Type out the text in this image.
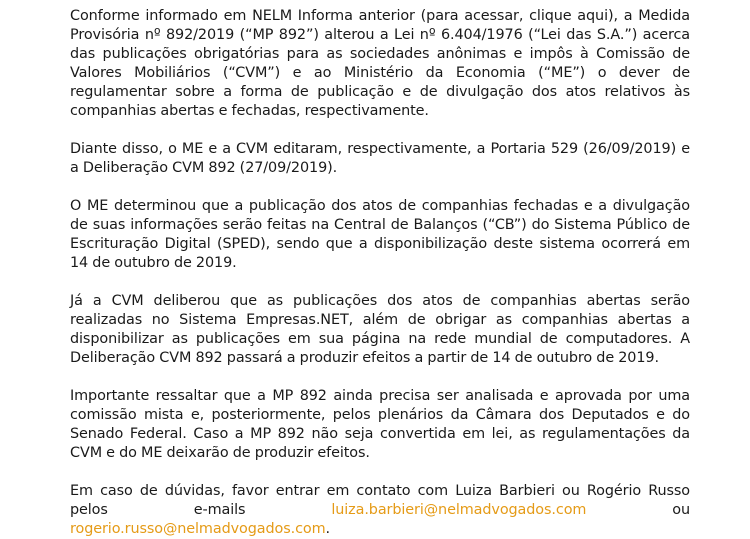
Conforme informado em NELM Informa anterior (para acessar, clique aqui), a Medida Provisória nº 892/2019 (“MP 892”) alterou a Lei nº 6.404/1976 (“Lei das S.A.”) acerca das publicações obrigatórias para as sociedades anônimas e impôs à Comissão de Valores Mobiliários (“CVM”) e ao Ministério da Economia (“ME”) o dever de regulamentar sobre a forma de publicação e de divulgação dos atos relativos às companhias abertas e fechadas, respectivamente.

Diante disso, o ME e a CVM editaram, respectivamente, a Portaria 529 (26/09/2019) e a Deliberação CVM 892 (27/09/2019).

O ME determinou que a publicação dos atos de companhias fechadas e a divulgação de suas informações serão feitas na Central de Balanços (“CB”) do Sistema Público de Escrituração Digital (SPED), sendo que a disponibilização deste sistema ocorrerá em 14 de outubro de 2019.

Já a CVM deliberou que as publicações dos atos de companhias abertas serão realizadas no Sistema Empresas.NET, além de obrigar as companhias abertas a disponibilizar as publicações em sua página na rede mundial de computadores. A Deliberação CVM 892 passará a produzir efeitos a partir de 14 de outubro de 2019.

Importante ressaltar que a MP 892 ainda precisa ser analisada e aprovada por uma comissão mista e, posteriormente, pelos plenários da Câmara dos Deputados e do Senado Federal. Caso a MP 892 não seja convertida em lei, as regulamentações da CVM e do ME deixarão de produzir efeitos.

Em caso de dúvidas, favor entrar em contato com Luiza Barbieri ou Rogério Russo pelos e-mails luiza.barbieri@nelmadvogados.com ou rogerio.russo@nelmadvogados.com.
